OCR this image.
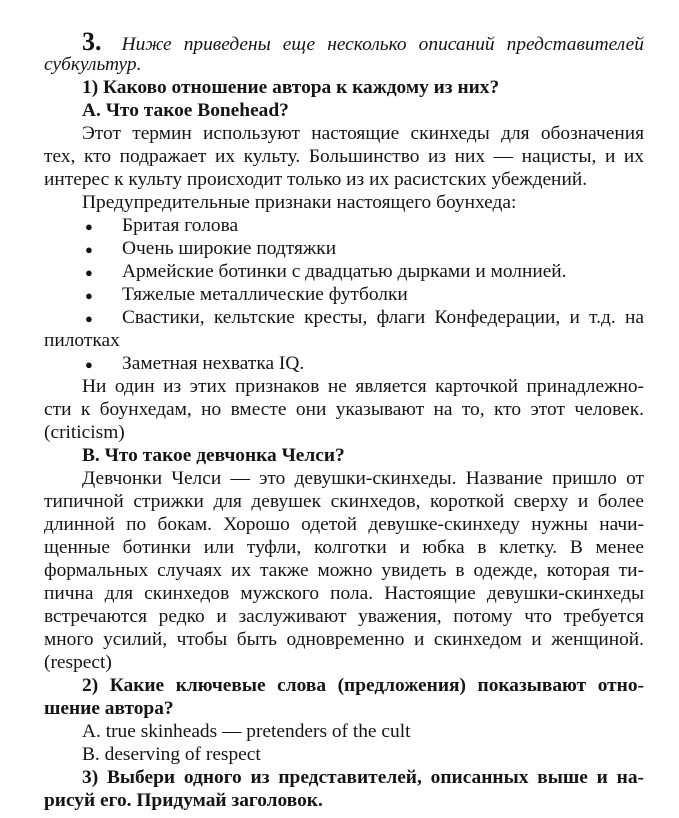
3. Ниже приведены еще несколько описаний представителей
субкультур.
1) Каково отношение автора к каждому из них?
А. Что такое Bonehead?
Этот термин используют настоящие скинхеды для обозначения
тех, кто подражает их культу. Большинство из них — нацисты, и их
интерес к культу происходит только из их расистских убеждений.
Предупредительные признаки настоящего боунхеда:
● Бритая голова
● Очень широкие подтяжки
● Армейские ботинки с двадцатью дырками и молнией.
● Тяжелые металлические футболки
● Свастики, кельтские кресты, флаги Конфедерации, и т.д. на
пилотках
● Заметная нехватка IQ.
Ни один из этих признаков не является карточкой принадлежно-
сти к боунхедам, но вместе они указывают на то, кто этот человек.
(criticism)
В. Что такое девчонка Челси?
Девчонки Челси — это девушки-скинхеды. Название пришло от
типичной стрижки для девушек скинхедов, короткой сверху и более
длинной по бокам. Хорошо одетой девушке-скинхеду нужны начи-
щенные ботинки или туфли, колготки и юбка в клетку. В менее
формальных случаях их также можно увидеть в одежде, которая ти-
пична для скинхедов мужского пола. Настоящие девушки-скинхеды
встречаются редко и заслуживают уважения, потому что требуется
много усилий, чтобы быть одновременно и скинхедом и женщиной.
(respect)
2) Какие ключевые слова (предложения) показывают отно-
шение автора?
A. true skinheads — pretenders of the cult
B. deserving of respect
3) Выбери одного из представителей, описанных выше и на-
рисуй его. Придумай заголовок.
